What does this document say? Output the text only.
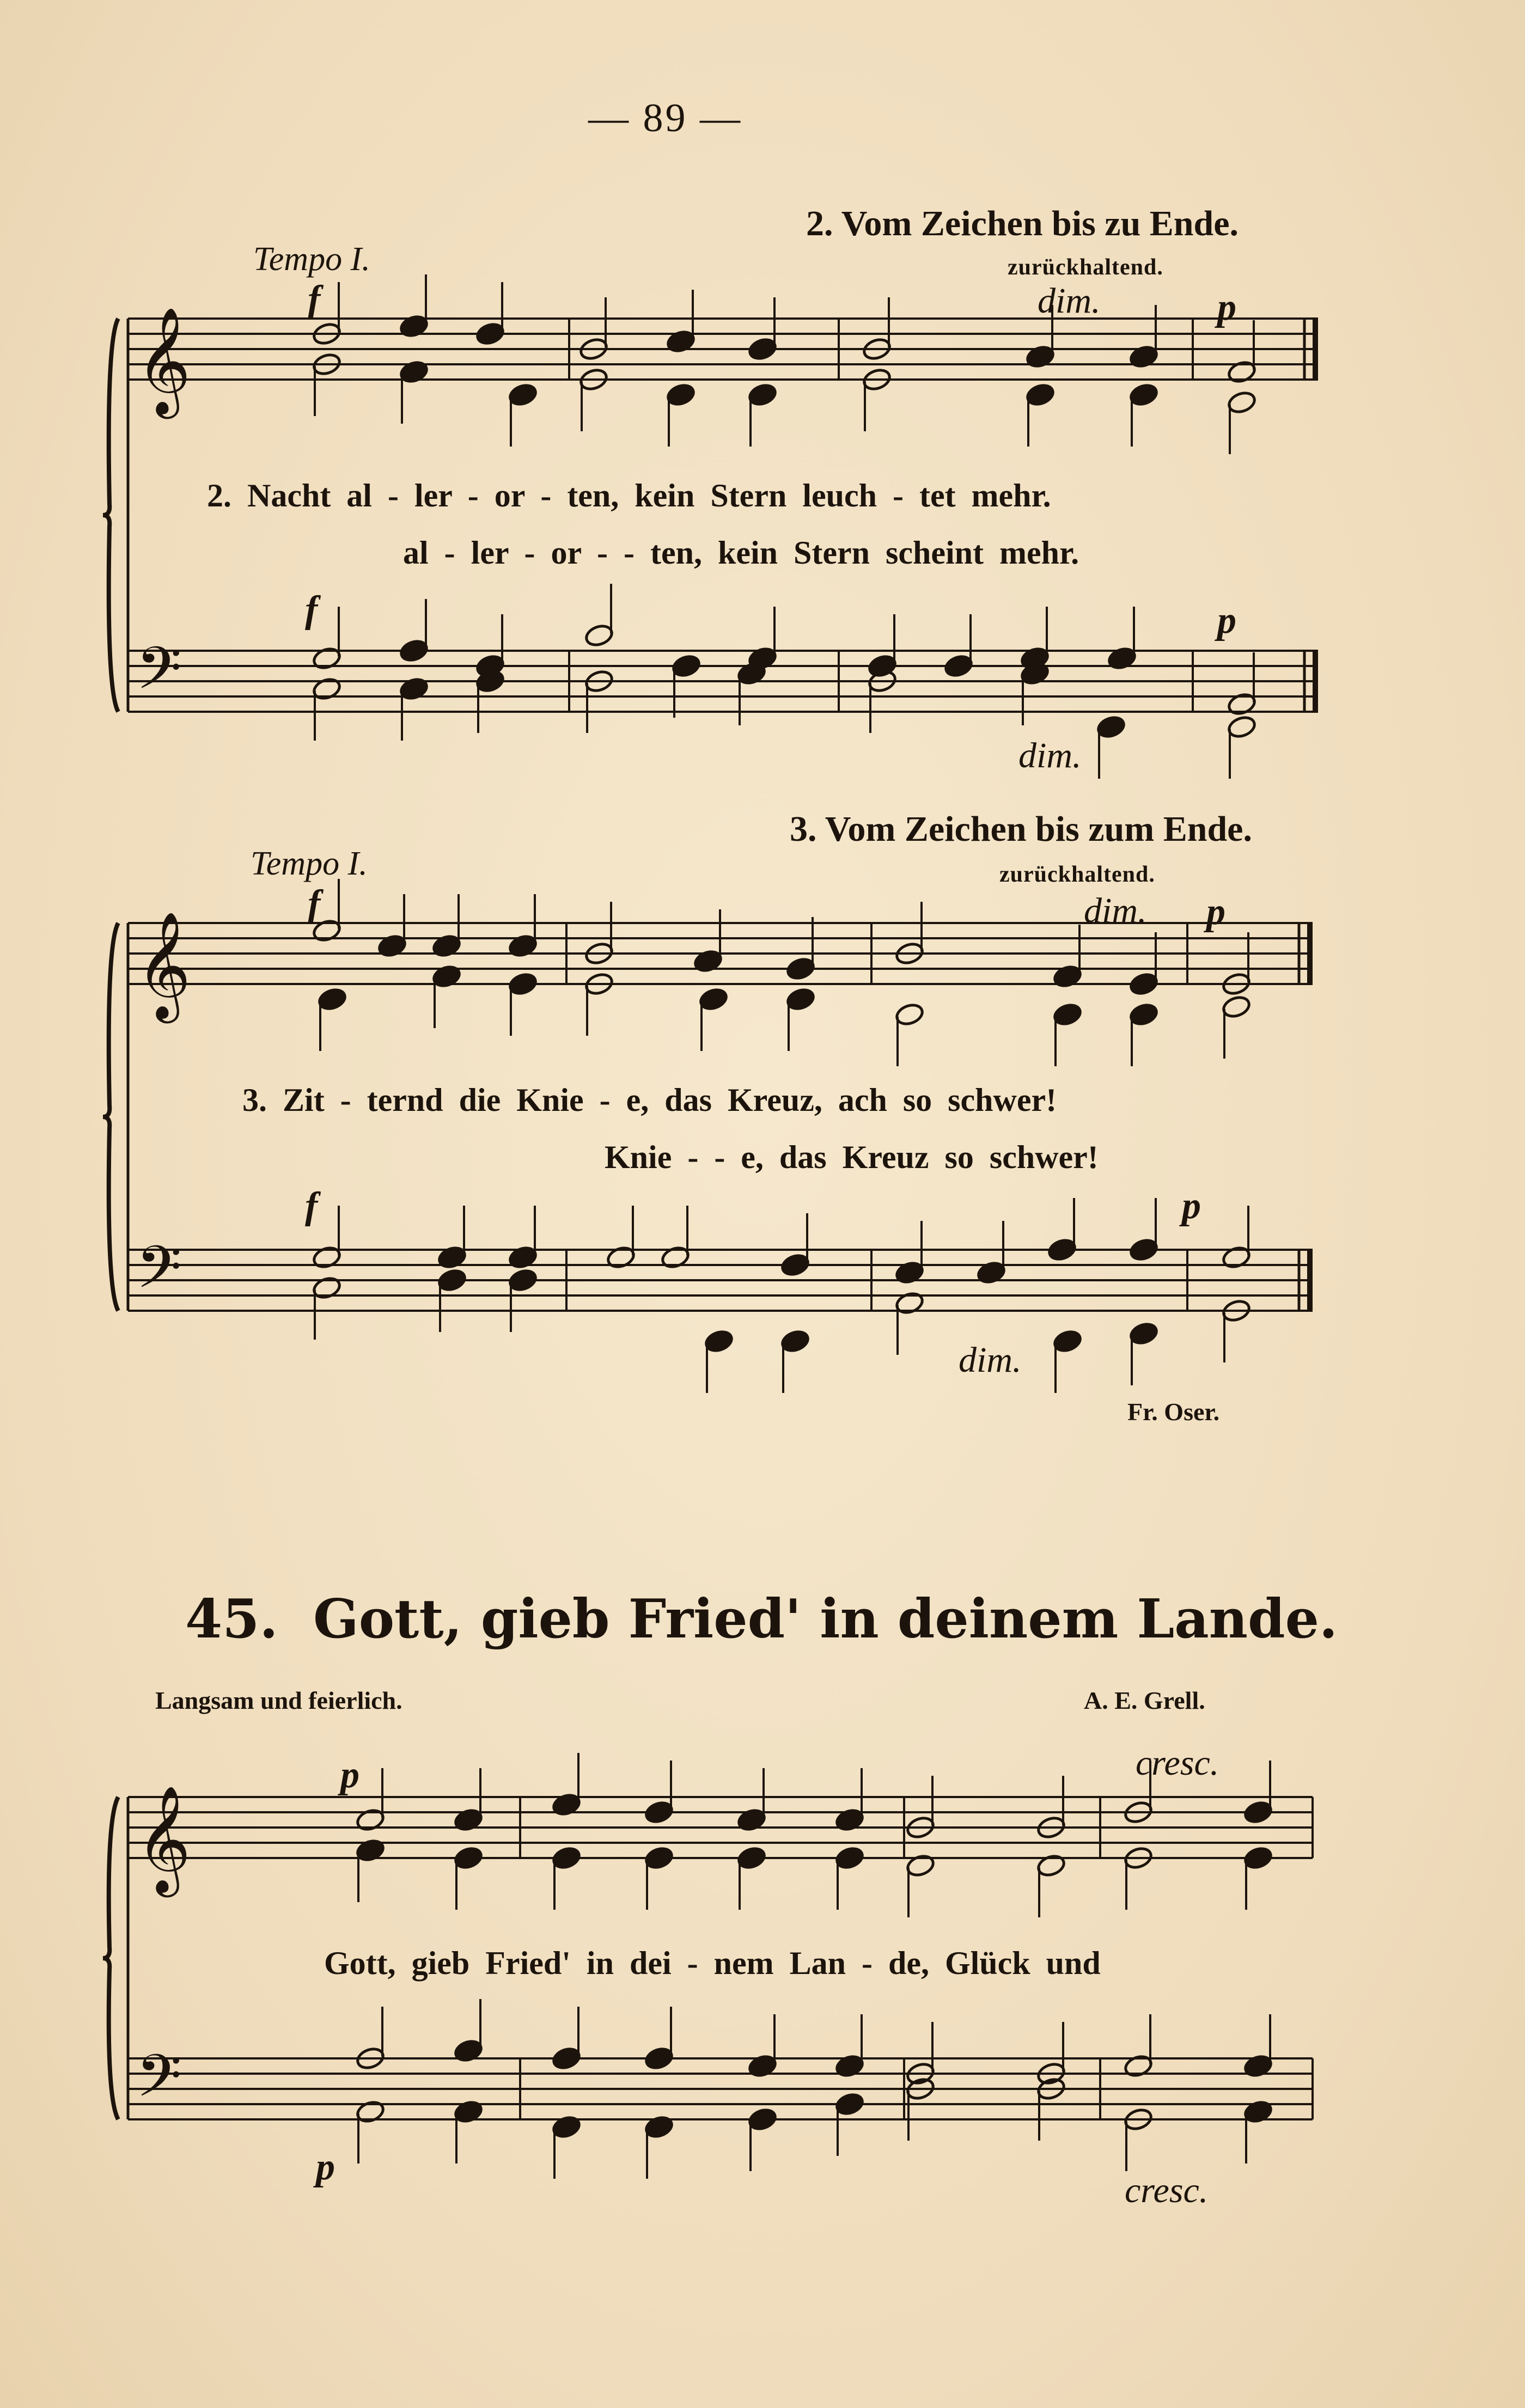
— 89 —
2. Vom Zeichen bis zu Ende.
Tempo I.	zurückhaltend.
dim.
f	p
2. Nacht al - ler - or - ten, kein Stern leuch - tet mehr.
al - ler - or - - ten, kein Stern scheint mehr.
f	p
dim.
3. Vom Zeichen bis zum Ende.
Tempo I.	zurückhaltend.
dim.
f	p
3. Zit - ternd die Knie - e, das Kreuz, ach so schwer!
Knie - - e, das Kreuz so schwer!
f	p
dim.
Fr. Oser.
45. Gott, gieb Fried' in deinem Lande.
Langsam und feierlich.	A. E. Grell.
p	cresc.
Gott, gieb Fried' in dei - nem Lan - de, Glück und
p
cresc.
𝄞
𝄢
𝄞
𝄢
𝄞
𝄢
